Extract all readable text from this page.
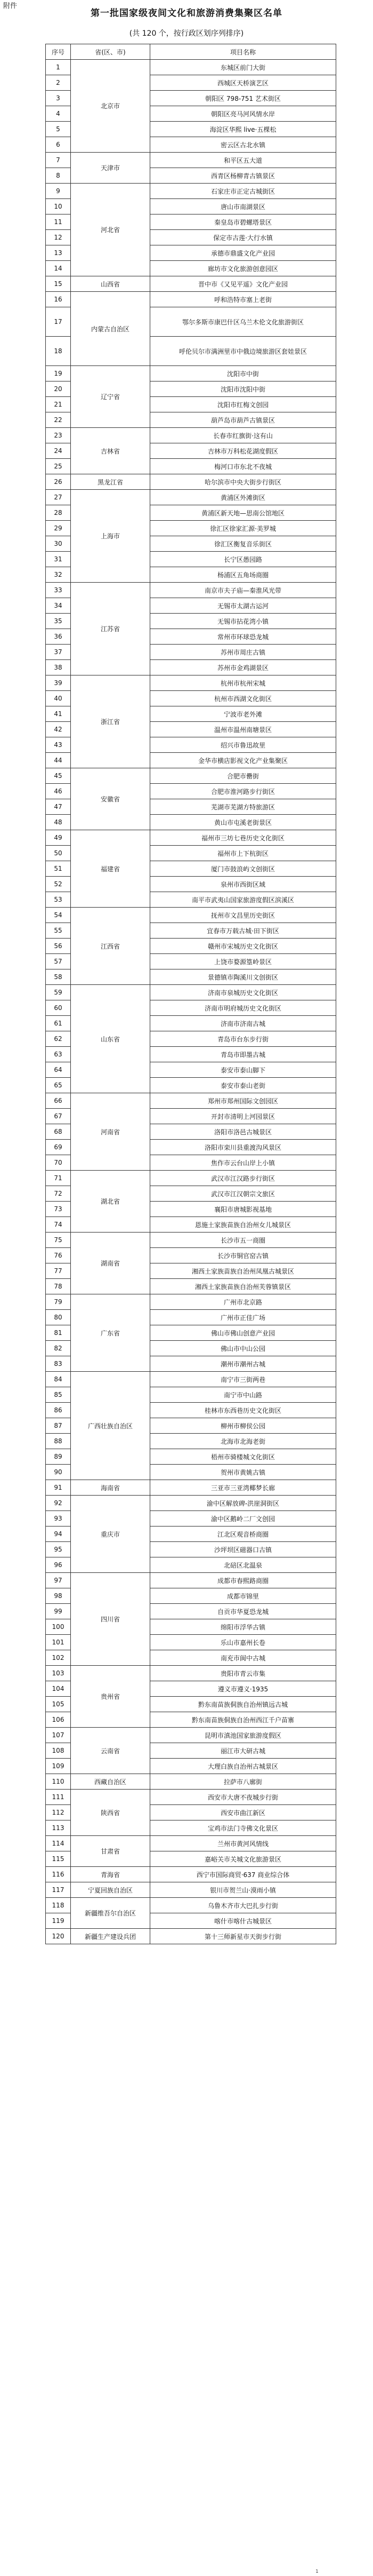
附件
第一批国家级夜间文化和旅游消费集聚区名单
(共 120 个，按行政区划序列排序)
序号	省(区、市)	项目名称
1	北京市	东城区前门大街
2		西城区天桥演艺区
3		朝阳区 798-751 艺术街区
4		朝阳区亮马河风情水岸
5		海淀区华熙 live·五棵松
6		密云区古北水镇
7	天津市	和平区五大道
8		西青区杨柳青古镇景区
9	河北省	石家庄市正定古城街区
10		唐山市南湖景区
11		秦皇岛市碧螺塔景区
12		保定市古莲·大行水镇
13		承德市鼎盛文化产业园
14		廊坊市文化旅游创意园区
15	山西省	晋中市《又见平遥》文化产业园
16	内蒙古自治区	呼和浩特市塞上老街
17		鄂尔多斯市康巴什区乌兰木伦文化旅游街区
18		呼伦贝尔市满洲里市中俄边境旅游区套娃景区
19	辽宁省	沈阳市中街
20		沈阳市沈阳中街
21		沈阳市红梅文创园
22		葫芦岛市葫芦古镇景区
23	吉林省	长春市红旗街·这有山
24		吉林市万科松花湖度假区
25		梅河口市东北不夜城
26	黑龙江省	哈尔滨市中央大街步行街区
27	上海市	黄浦区外滩街区
28		黄浦区新天地—思南公馆地区
29		徐汇区徐家汇源·美罗城
30		徐汇区衡复音乐街区
31		长宁区愚园路
32		杨浦区五角场商圈
33	江苏省	南京市夫子庙—秦淮风光带
34		无锡市太湖古运河
35		无锡市拈花湾小镇
36		常州市环球恐龙城
37		苏州市周庄古镇
38		苏州市金鸡湖景区
39	浙江省	杭州市杭州宋城
40		杭州市西湖文化街区
41		宁波市老外滩
42		温州市温州南塘景区
43		绍兴市鲁迅故里
44		金华市横店影视文化产业集聚区
45	安徽省	合肥市罍街
46		合肥市淮河路步行街区
47		芜湖市芜湖方特旅游区
48		黄山市屯溪老街景区
49	福建省	福州市三坊七巷历史文化街区
50		福州市上下杭街区
51		厦门市鼓浪屿文创街区
52		泉州市西街区域
53		南平市武夷山国家旅游度假区滨溪区
54	江西省	抚州市文昌里历史街区
55		宜春市万载古城·田下街区
56		赣州市宋城历史文化街区
57		上饶市婺源篁岭景区
58		景德镇市陶溪川文创街区
59	山东省	济南市泉城历史文化街区
60		济南市明府城历史文化街区
61		济南市济南古城
62		青岛市台东步行街
63		青岛市即墨古城
64		泰安市泰山脚下
65		泰安市泰山老街
66	河南省	郑州市郑州国际文创园区
67		开封市清明上河园景区
68		洛阳市洛邑古城景区
69		洛阳市栾川县重渡沟风景区
70		焦作市云台山岸上小镇
71	湖北省	武汉市江汉路步行街区
72		武汉市江汉朝宗文旅区
73		襄阳市唐城影视基地
74		恩施土家族苗族自治州女儿城景区
75	湖南省	长沙市五一商圈
76		长沙市铜官窑古镇
77		湘西土家族苗族自治州凤凰古城景区
78		湘西土家族苗族自治州芙蓉镇景区
79	广东省	广州市北京路
80		广州市正佳广场
81		佛山市佛山创意产业园
82		佛山市中山公园
83		潮州市潮州古城
84	广西壮族自治区	南宁市三街两巷
85		南宁市中山路
86		桂林市东西巷历史文化街区
87		柳州市柳侯公园
88		北海市北海老街
89		梧州市骑楼城文化街区
90		贺州市黄姚古镇
91	海南省	三亚市三亚湾椰梦长廊
92	重庆市	渝中区解放碑-洪崖洞街区
93		渝中区鹅岭二厂文创园
94		江北区观音桥商圈
95		沙坪坝区磁器口古镇
96		北碚区北温泉
97	四川省	成都市春熙路商圈
98		成都市锦里
99		自贡市华夏恐龙城
100		绵阳市浮华古镇
101		乐山市嘉州长卷
102		南充市阆中古城
103	贵州省	贵阳市青云市集
104		遵义市遵义·1935
105		黔东南苗族侗族自治州镇远古城
106		黔东南苗族侗族自治州西江千户苗寨
107	云南省	昆明市滇池国家旅游度假区
108		丽江市大研古城
109		大理白族自治州古城景区
110	西藏自治区	拉萨市八廓街
111	陕西省	西安市大唐不夜城步行街
112		西安市曲江新区
113		宝鸡市法门寺佛文化景区
114	甘肃省	兰州市黄河风情线
115		嘉峪关市关城文化旅游景区
116	青海省	西宁市国际商贸·637 商业综合体
117	宁夏回族自治区	银川市贺兰山·漠雨小镇
118	新疆维吾尔自治区	乌鲁木齐市大巴扎步行街
119		喀什市喀什古城景区
120	新疆生产建设兵团	第十三师新星市天街步行街
1
